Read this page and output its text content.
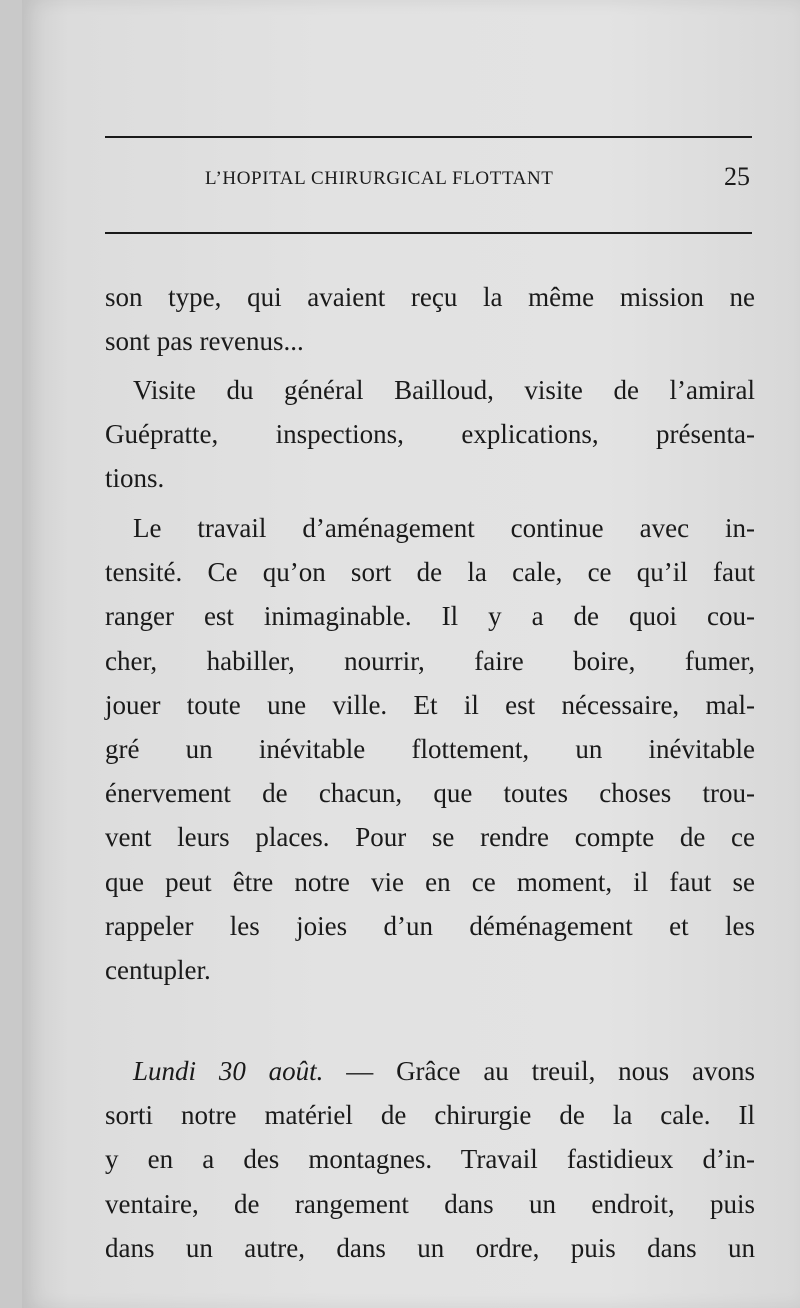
L’HOPITAL CHIRURGICAL FLOTTANT	25
son type, qui avaient reçu la même mission ne
sont pas revenus...
Visite du général Bailloud, visite de l’amiral
Guépratte, inspections, explications, présenta-
tions.
Le travail d’aménagement continue avec in-
tensité. Ce qu’on sort de la cale, ce qu’il faut
ranger est inimaginable. Il y a de quoi cou-
cher, habiller, nourrir, faire boire, fumer,
jouer toute une ville. Et il est nécessaire, mal-
gré un inévitable flottement, un inévitable
énervement de chacun, que toutes choses trou-
vent leurs places. Pour se rendre compte de ce
que peut être notre vie en ce moment, il faut se
rappeler les joies d’un déménagement et les
centupler.
Lundi 30 août. — Grâce au treuil, nous avons
sorti notre matériel de chirurgie de la cale. Il
y en a des montagnes. Travail fastidieux d’in-
ventaire, de rangement dans un endroit, puis
dans un autre, dans un ordre, puis dans un
